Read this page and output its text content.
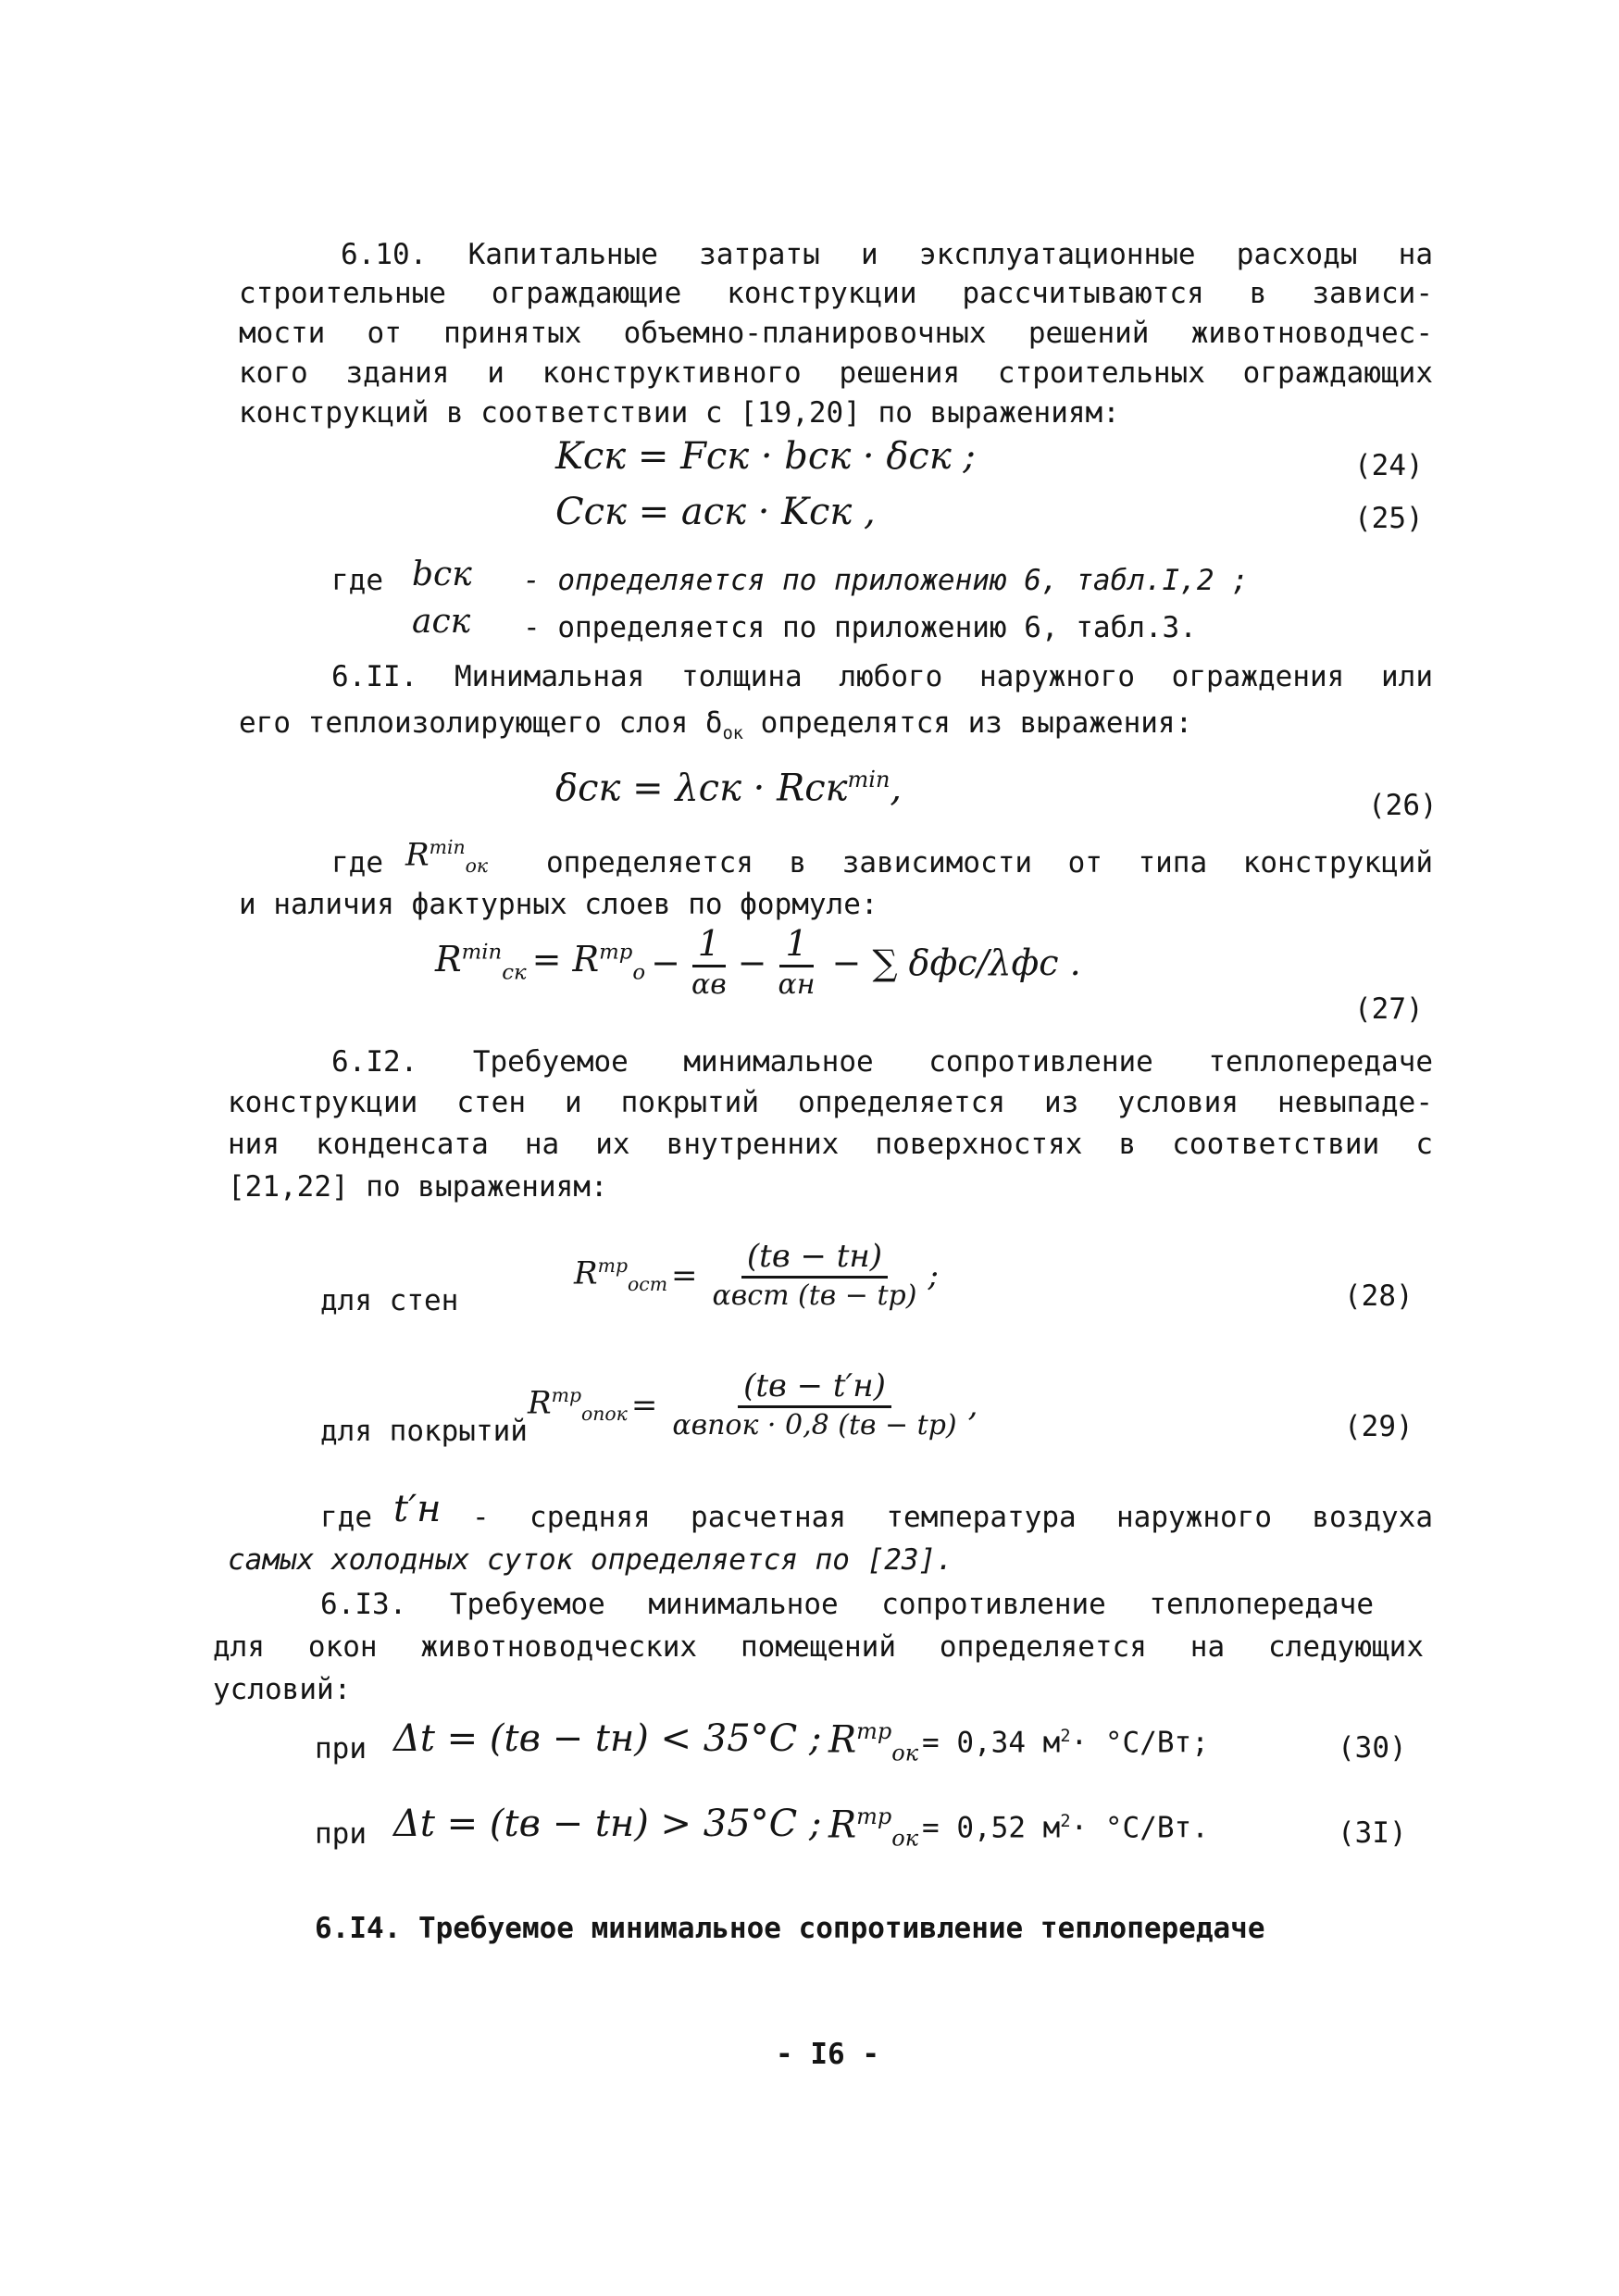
6.10. Капитальные затраты и эксплуатационные расходы на
строительные ограждающие конструкции рассчитываются в зависи-
мости от принятых объемно-планировочных решений животноводчес-
кого здания и конструктивного решения строительных ограждающих
конструкций в соответствии с [19,20] по выражениям:
Kск = Fск · bск · δск ;	(24)
Cск = aск · Kск ,	(25)
где bск - определяется по приложению 6, табл.I,2 ;
aск - определяется по приложению 6, табл.3.
6.II. Минимальная толщина любого наружного ограждения или
его теплоизолирующего слоя $\delta_{ок}$ определятся из выражения:
δск = λск · Rск$^{min}$,	(26)
где $R^{min}_{ок}$ определяется в зависимости от типа конструкций
и наличия фактурных слоев по формуле:
$R^{min}_{ск} = R^{тр}_o - \frac{1}{\alpha в} - \frac{1}{\alpha н}$ − ∑ δфс/λфс .
(27)
6.I2. Требуемое минимальное сопротивление теплопередаче
конструкции стен и покрытий определяется из условия невыпаде-
ния конденсата на их внутренних поверхностях в соответствии с
[21,22] по выражениям:
для стен
$R^{тр}_{ост} = \frac{(tв - tн)}{\text{αвст (tв − tр)}}$ ;
(28)
для покрытий
$R^{тр}_{опок} = \frac{(tв - t'н)}{\text{αвпок · 0,8 (tв − tр)}}$ ,
(29)
где t′н - средняя расчетная температура наружного воздуха
самых холодных суток определяется по [23].
6.I3. Требуемое минимальное сопротивление теплопередаче
для окон животноводческих помещений определяется на следующих
условий:
при Δt = (tв − tн) < 35°C ; $R^{тр}_{ок} = 0,34$ $м^2\cdot ^\circ С/Вт$;	(30)
при Δt = (tв − tн) > 35°C ; $R^{тр}_{ок} = 0,52$ $м^2\cdot ^\circ С/Вт$.	(3I)
6.I4. Требуемое минимальное сопротивление теплопередаче
- I6 -
